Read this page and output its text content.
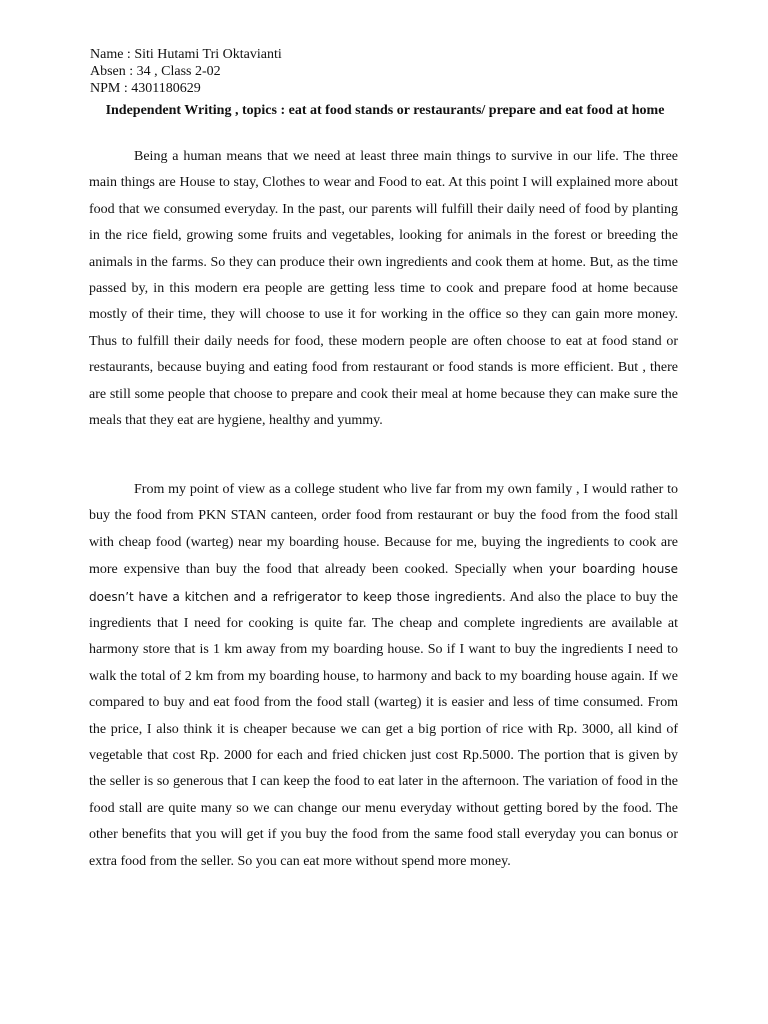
Name : Siti Hutami Tri Oktavianti
Absen : 34 , Class 2-02
NPM : 4301180629
Independent Writing , topics : eat at food stands or restaurants/ prepare and eat food at home

Being a human means that we need at least three main things to survive in our life. The three main things are House to stay, Clothes to wear and Food to eat. At this point I will explained more about food that we consumed everyday. In the past, our parents will fulfill their daily need of food by planting in the rice field, growing some fruits and vegetables, looking for animals in the forest or breeding the animals in the farms. So they can produce their own ingredients and cook them at home. But, as the time passed by, in this modern era people are getting less time to cook and prepare food at home because mostly of their time, they will choose to use it for working in the office so they can gain more money. Thus to fulfill their daily needs for food, these modern people are often choose to eat at food stand or restaurants, because buying and eating food from restaurant or food stands is more efficient. But , there are still some people that choose to prepare and cook their meal at home because they can make sure the meals that they eat are hygiene, healthy and yummy.

From my point of view as a college student who live far from my own family , I would rather to buy the food from PKN STAN canteen, order food from restaurant or buy the food from the food stall with cheap food (warteg) near my boarding house. Because for me, buying the ingredients to cook are more expensive than buy the food that already been cooked. Specially when your boarding house doesn’t have a kitchen and a refrigerator to keep those ingredients. And also the place to buy the ingredients that I need for cooking is quite far. The cheap and complete ingredients are available at harmony store that is 1 km away from my boarding house. So if I want to buy the ingredients I need to walk the total of 2 km from my boarding house, to harmony and back to my boarding house again. If we compared to buy and eat food from the food stall (warteg) it is easier and less of time consumed. From the price, I also think it is cheaper because we can get a big portion of rice with Rp. 3000, all kind of vegetable that cost Rp. 2000 for each and fried chicken just cost Rp.5000. The portion that is given by the seller is so generous that I can keep the food to eat later in the afternoon. The variation of food in the food stall are quite many so we can change our menu everyday without getting bored by the food. The other benefits that you will get if you buy the food from the same food stall everyday you can bonus or extra food from the seller. So you can eat more without spend more money.
